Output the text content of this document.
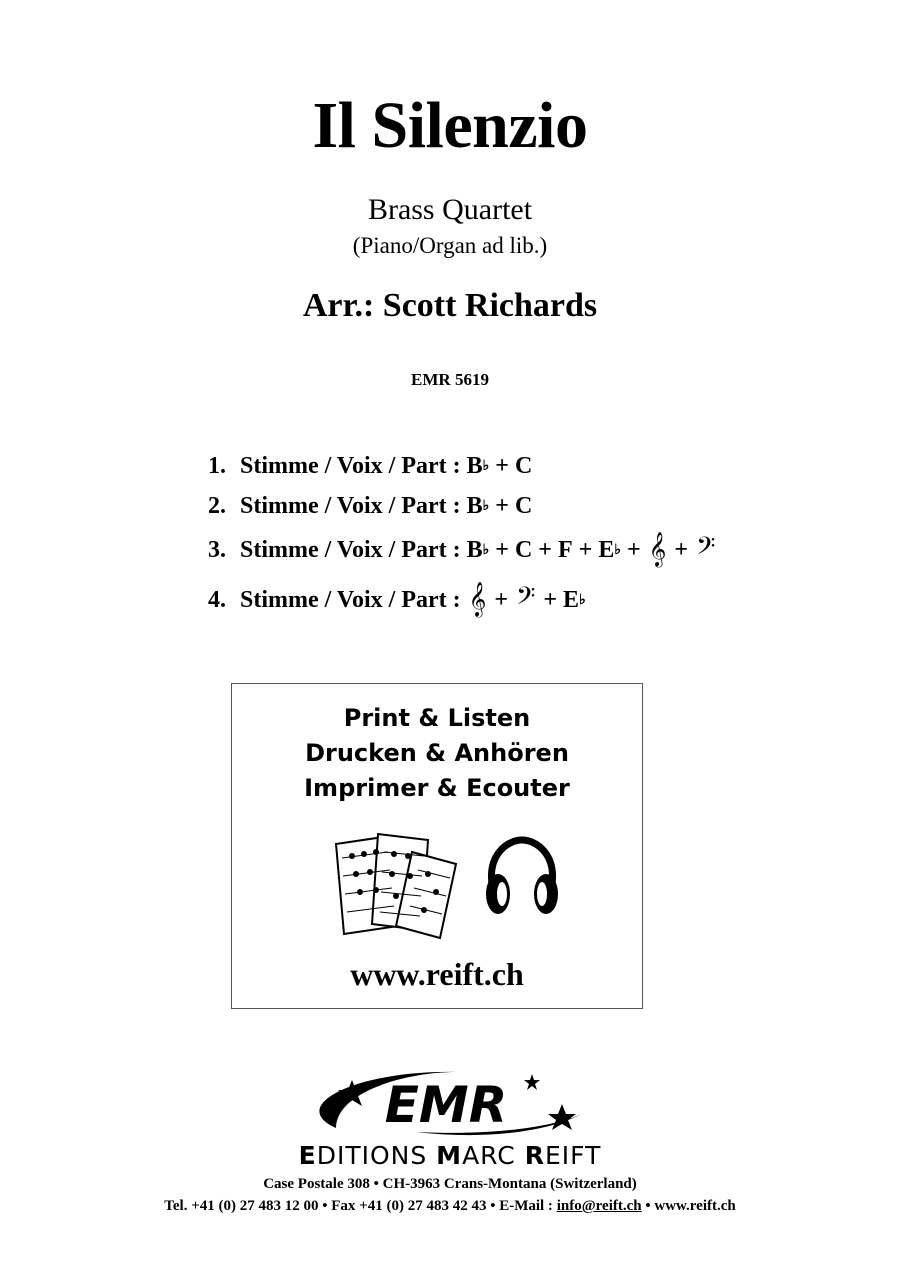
Il Silenzio
Brass Quartet
(Piano/Organ ad lib.)
Arr.: Scott Richards
EMR 5619
1. Stimme / Voix / Part : B ♭ + C
2. Stimme / Voix / Part : B ♭ + C
3. Stimme / Voix / Part : B ♭ + C + F + E ♭ + 𝄞 + 𝄢
4. Stimme / Voix / Part : 𝄞 + 𝄢 + E ♭
Print & Listen
Drucken & Anhören
Imprimer & Ecouter
www.reift.ch
EMR
EDITIONS MARC REIFT
Case Postale 308 • CH-3963 Crans-Montana (Switzerland)
Tel. +41 (0) 27 483 12 00 • Fax +41 (0) 27 483 42 43 • E-Mail : info@reift.ch • www.reift.ch
